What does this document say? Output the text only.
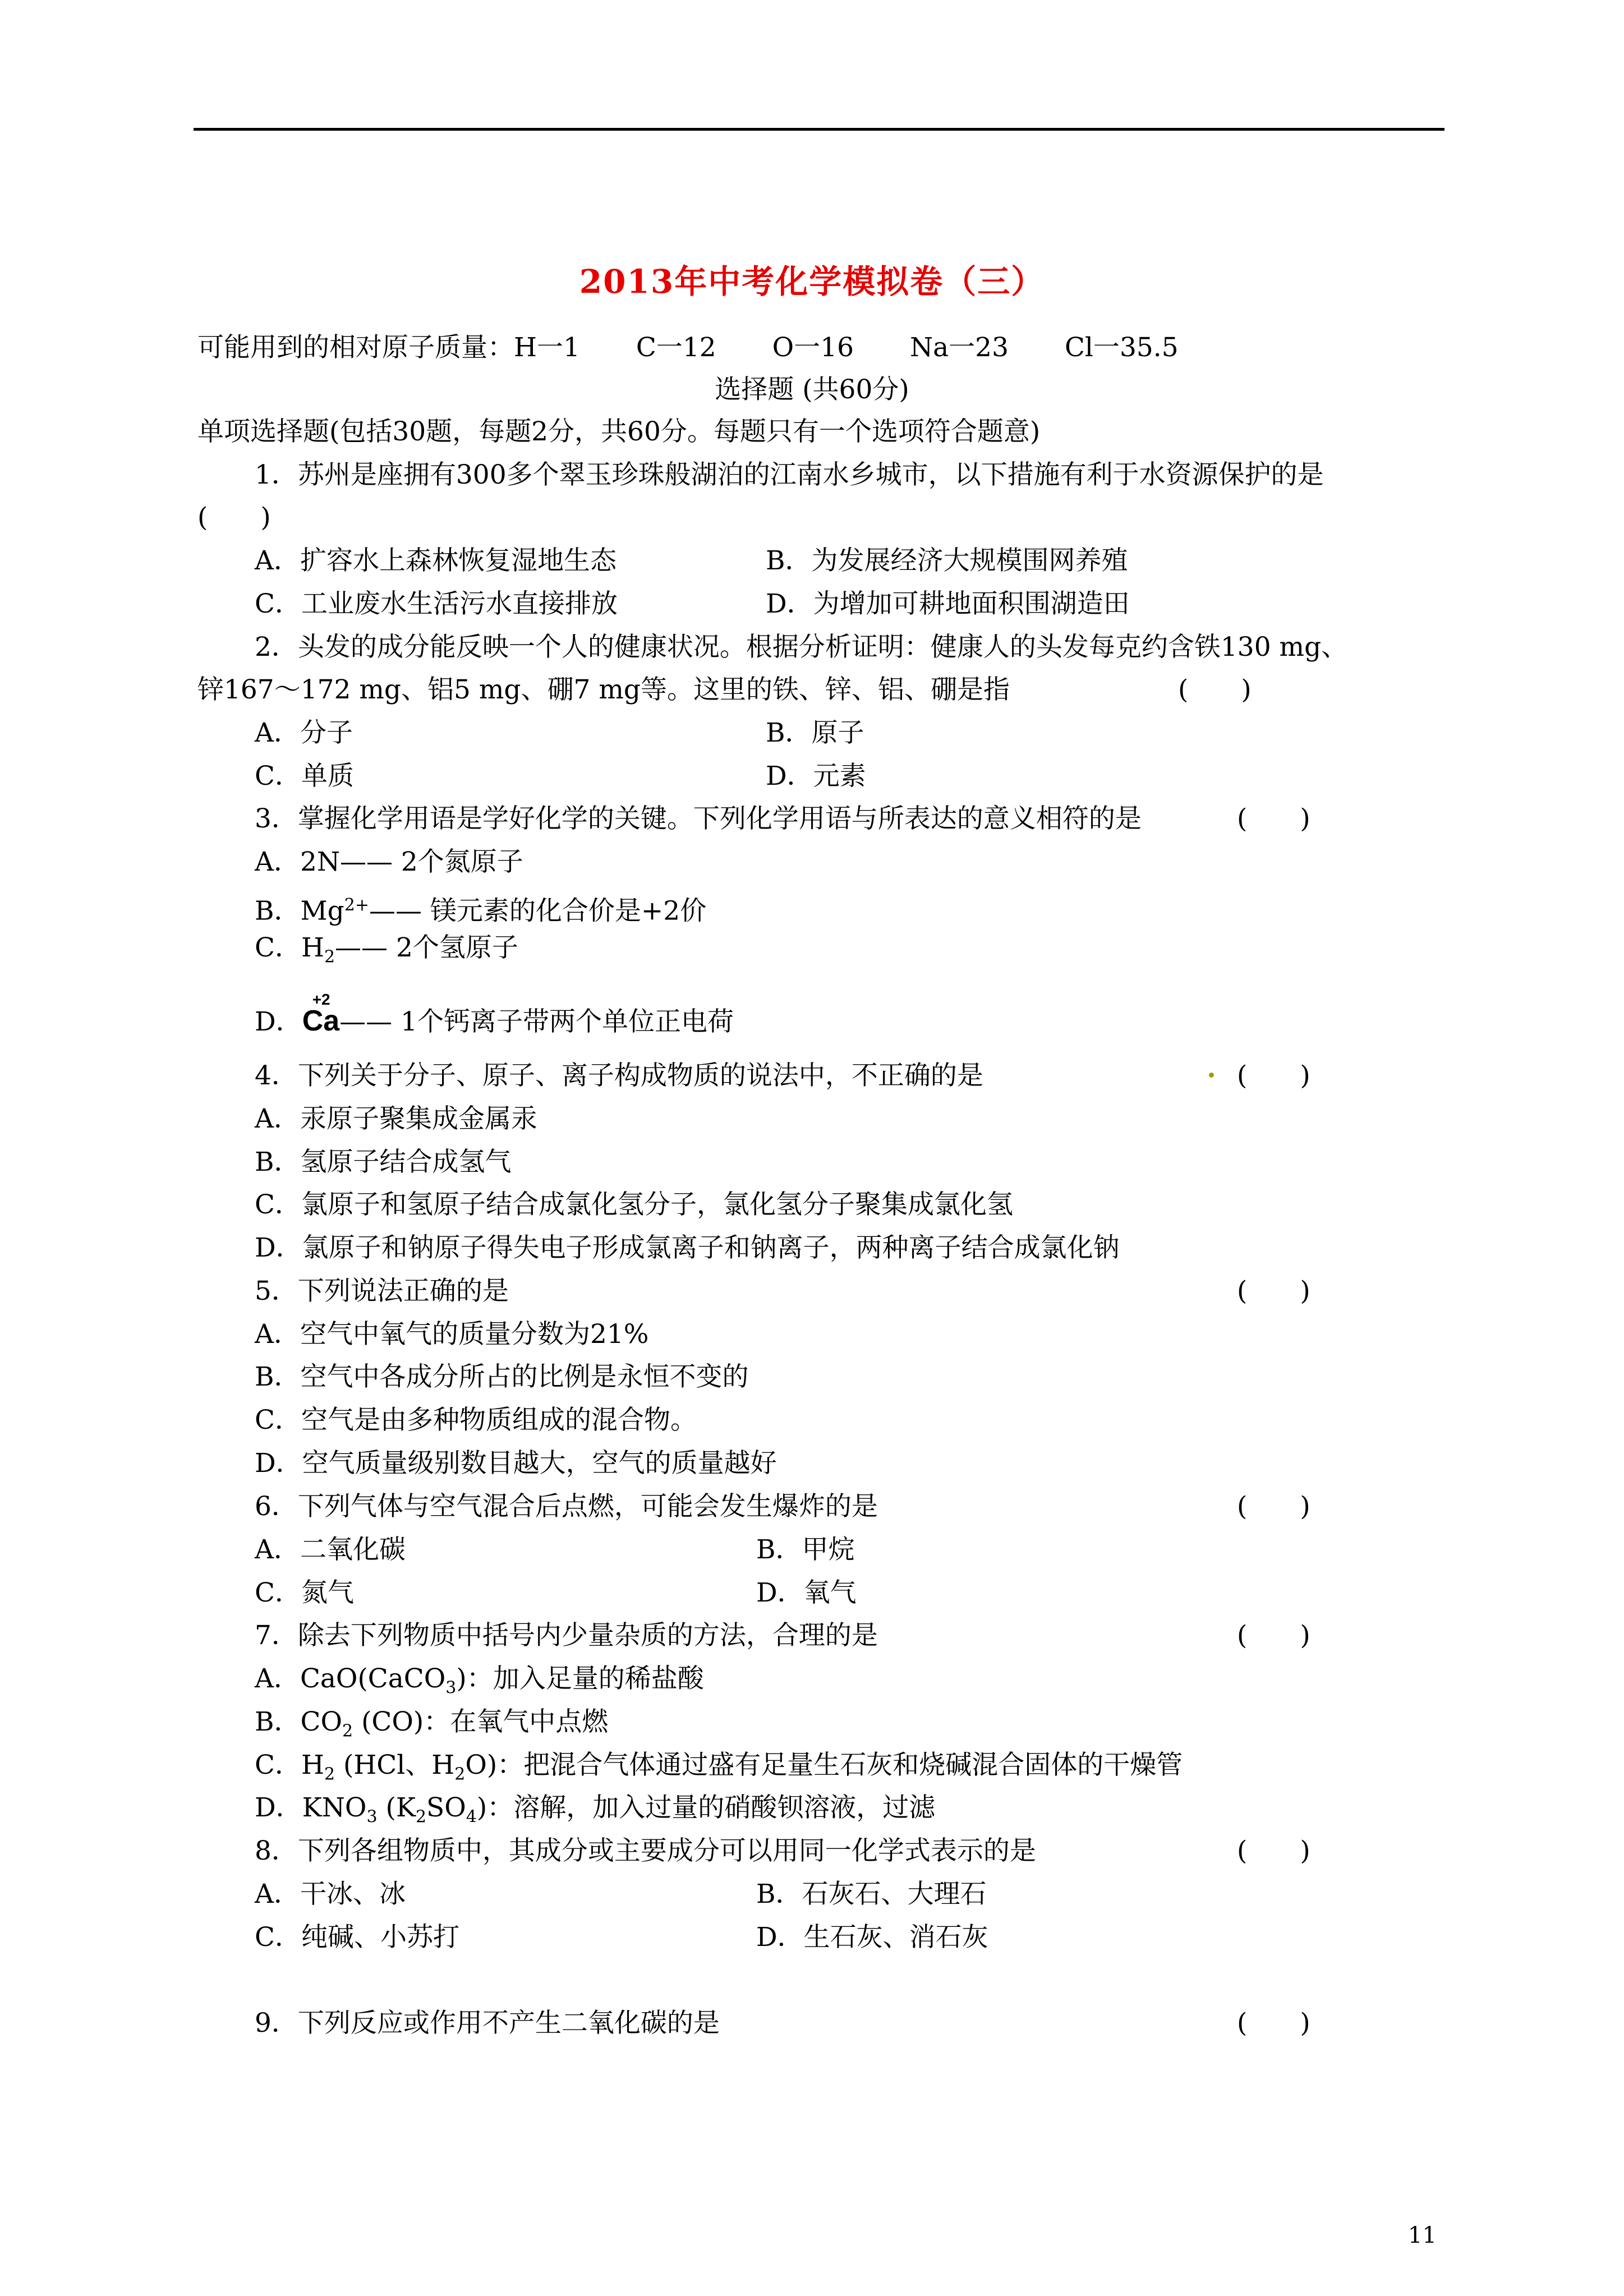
2013年中考化学模拟卷（三）
可能用到的相对原子质量：H一1 C一12 O一16 Na一23 Cl一35.5
选择题 (共60分)
单项选择题(包括30题，每题2分，共60分。每题只有一个选项符合题意)
1．苏州是座拥有300多个翠玉珍珠般湖泊的江南水乡城市，以下措施有利于水资源保护的是
(　　)
A．扩容水上森林恢复湿地生态	B．为发展经济大规模围网养殖
C．工业废水生活污水直接排放	D．为增加可耕地面积围湖造田
2．头发的成分能反映一个人的健康状况。根据分析证明：健康人的头发每克约含铁130 mg、
锌167～172 mg、铝5 mg、硼7 mg等。这里的铁、锌、铝、硼是指	(　　)
A．分子	B．原子
C．单质	D．元素
3．掌握化学用语是学好化学的关键。下列化学用语与所表达的意义相符的是	(　　)
A．2N—— 2个氮原子
B．$Mg^{2+}——$ 镁元素的化合价是+2价
C．$H_2——$ 2个氢原子
D．
+2
Ca—— 1个钙离子带两个单位正电荷
4．下列关于分子、原子、离子构成物质的说法中，不正确的是	(　　)
A．汞原子聚集成金属汞
B．氢原子结合成氢气
C．氯原子和氢原子结合成氯化氢分子，氯化氢分子聚集成氯化氢
D．氯原子和钠原子得失电子形成氯离子和钠离子，两种离子结合成氯化钠
5．下列说法正确的是	(　　)
A．空气中氧气的质量分数为21%
B．空气中各成分所占的比例是永恒不变的
C．空气是由多种物质组成的混合物。
D．空气质量级别数目越大，空气的质量越好
6．下列气体与空气混合后点燃，可能会发生爆炸的是	(　　)
A．二氧化碳	B．甲烷
C．氮气	D．氧气
7．除去下列物质中括号内少量杂质的方法，合理的是	(　　)
A．CaO(CaCO$_3$)：加入足量的稀盐酸
B．$CO_2$ (CO)：在氧气中点燃
C．$H_2$ (HCl、$H_2O$)：把混合气体通过盛有足量生石灰和烧碱混合固体的干燥管
D．$KNO_3$ $(K_2SO_4)$：溶解，加入过量的硝酸钡溶液，过滤
8．下列各组物质中，其成分或主要成分可以用同一化学式表示的是	(　　)
A．干冰、冰	B．石灰石、大理石
C．纯碱、小苏打	D．生石灰、消石灰
9．下列反应或作用不产生二氧化碳的是	(　　)
11
